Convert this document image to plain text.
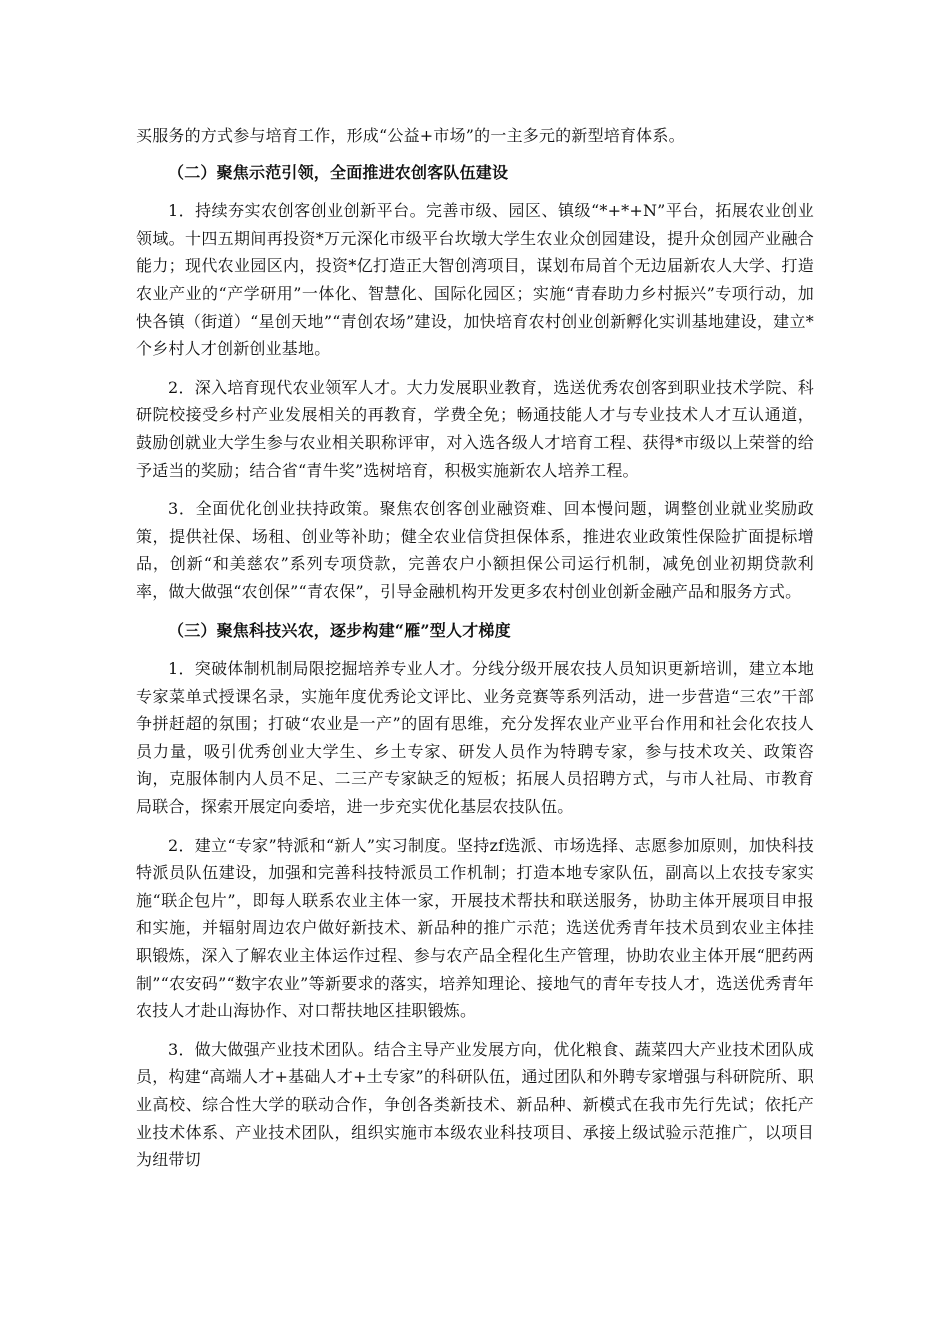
买服务的方式参与培育工作，形成“公益+市场”的一主多元的新型培育体系。

（二）聚焦示范引领，全面推进农创客队伍建设

1．持续夯实农创客创业创新平台。完善市级、园区、镇级“*+*+N”平台，拓展农业创业领域。十四五期间再投资*万元深化市级平台坎墩大学生农业众创园建设，提升众创园产业融合能力；现代农业园区内，投资*亿打造正大智创湾项目，谋划布局首个无边届新农人大学、打造农业产业的“产学研用”一体化、智慧化、国际化园区；实施“青春助力乡村振兴”专项行动，加快各镇（街道）“星创天地”“青创农场”建设，加快培育农村创业创新孵化实训基地建设，建立*个乡村人才创新创业基地。

2．深入培育现代农业领军人才。大力发展职业教育，选送优秀农创客到职业技术学院、科研院校接受乡村产业发展相关的再教育，学费全免；畅通技能人才与专业技术人才互认通道，鼓励创就业大学生参与农业相关职称评审，对入选各级人才培育工程、获得*市级以上荣誉的给予适当的奖励；结合省“青牛奖”选树培育，积极实施新农人培养工程。

3．全面优化创业扶持政策。聚焦农创客创业融资难、回本慢问题，调整创业就业奖励政策，提供社保、场租、创业等补助；健全农业信贷担保体系，推进农业政策性保险扩面提标增品，创新“和美慈农”系列专项贷款，完善农户小额担保公司运行机制，减免创业初期贷款利率，做大做强“农创保”“青农保”，引导金融机构开发更多农村创业创新金融产品和服务方式。

（三）聚焦科技兴农，逐步构建“雁”型人才梯度

1．突破体制机制局限挖掘培养专业人才。分线分级开展农技人员知识更新培训，建立本地专家菜单式授课名录，实施年度优秀论文评比、业务竞赛等系列活动，进一步营造“三农”干部争拼赶超的氛围；打破“农业是一产”的固有思维，充分发挥农业产业平台作用和社会化农技人员力量，吸引优秀创业大学生、乡土专家、研发人员作为特聘专家，参与技术攻关、政策咨询，克服体制内人员不足、二三产专家缺乏的短板；拓展人员招聘方式，与市人社局、市教育局联合，探索开展定向委培，进一步充实优化基层农技队伍。

2．建立“专家”特派和“新人”实习制度。坚持zf选派、市场选择、志愿参加原则，加快科技特派员队伍建设，加强和完善科技特派员工作机制；打造本地专家队伍，副高以上农技专家实施“联企包片”，即每人联系农业主体一家，开展技术帮扶和联送服务，协助主体开展项目申报和实施，并辐射周边农户做好新技术、新品种的推广示范；选送优秀青年技术员到农业主体挂职锻炼，深入了解农业主体运作过程、参与农产品全程化生产管理，协助农业主体开展“肥药两制”“农安码”“数字农业”等新要求的落实，培养知理论、接地气的青年专技人才，选送优秀青年农技人才赴山海协作、对口帮扶地区挂职锻炼。

3．做大做强产业技术团队。结合主导产业发展方向，优化粮食、蔬菜四大产业技术团队成员，构建“高端人才+基础人才+土专家”的科研队伍，通过团队和外聘专家增强与科研院所、职业高校、综合性大学的联动合作，争创各类新技术、新品种、新模式在我市先行先试；依托产业技术体系、产业技术团队，组织实施市本级农业科技项目、承接上级试验示范推广，以项目为纽带切
